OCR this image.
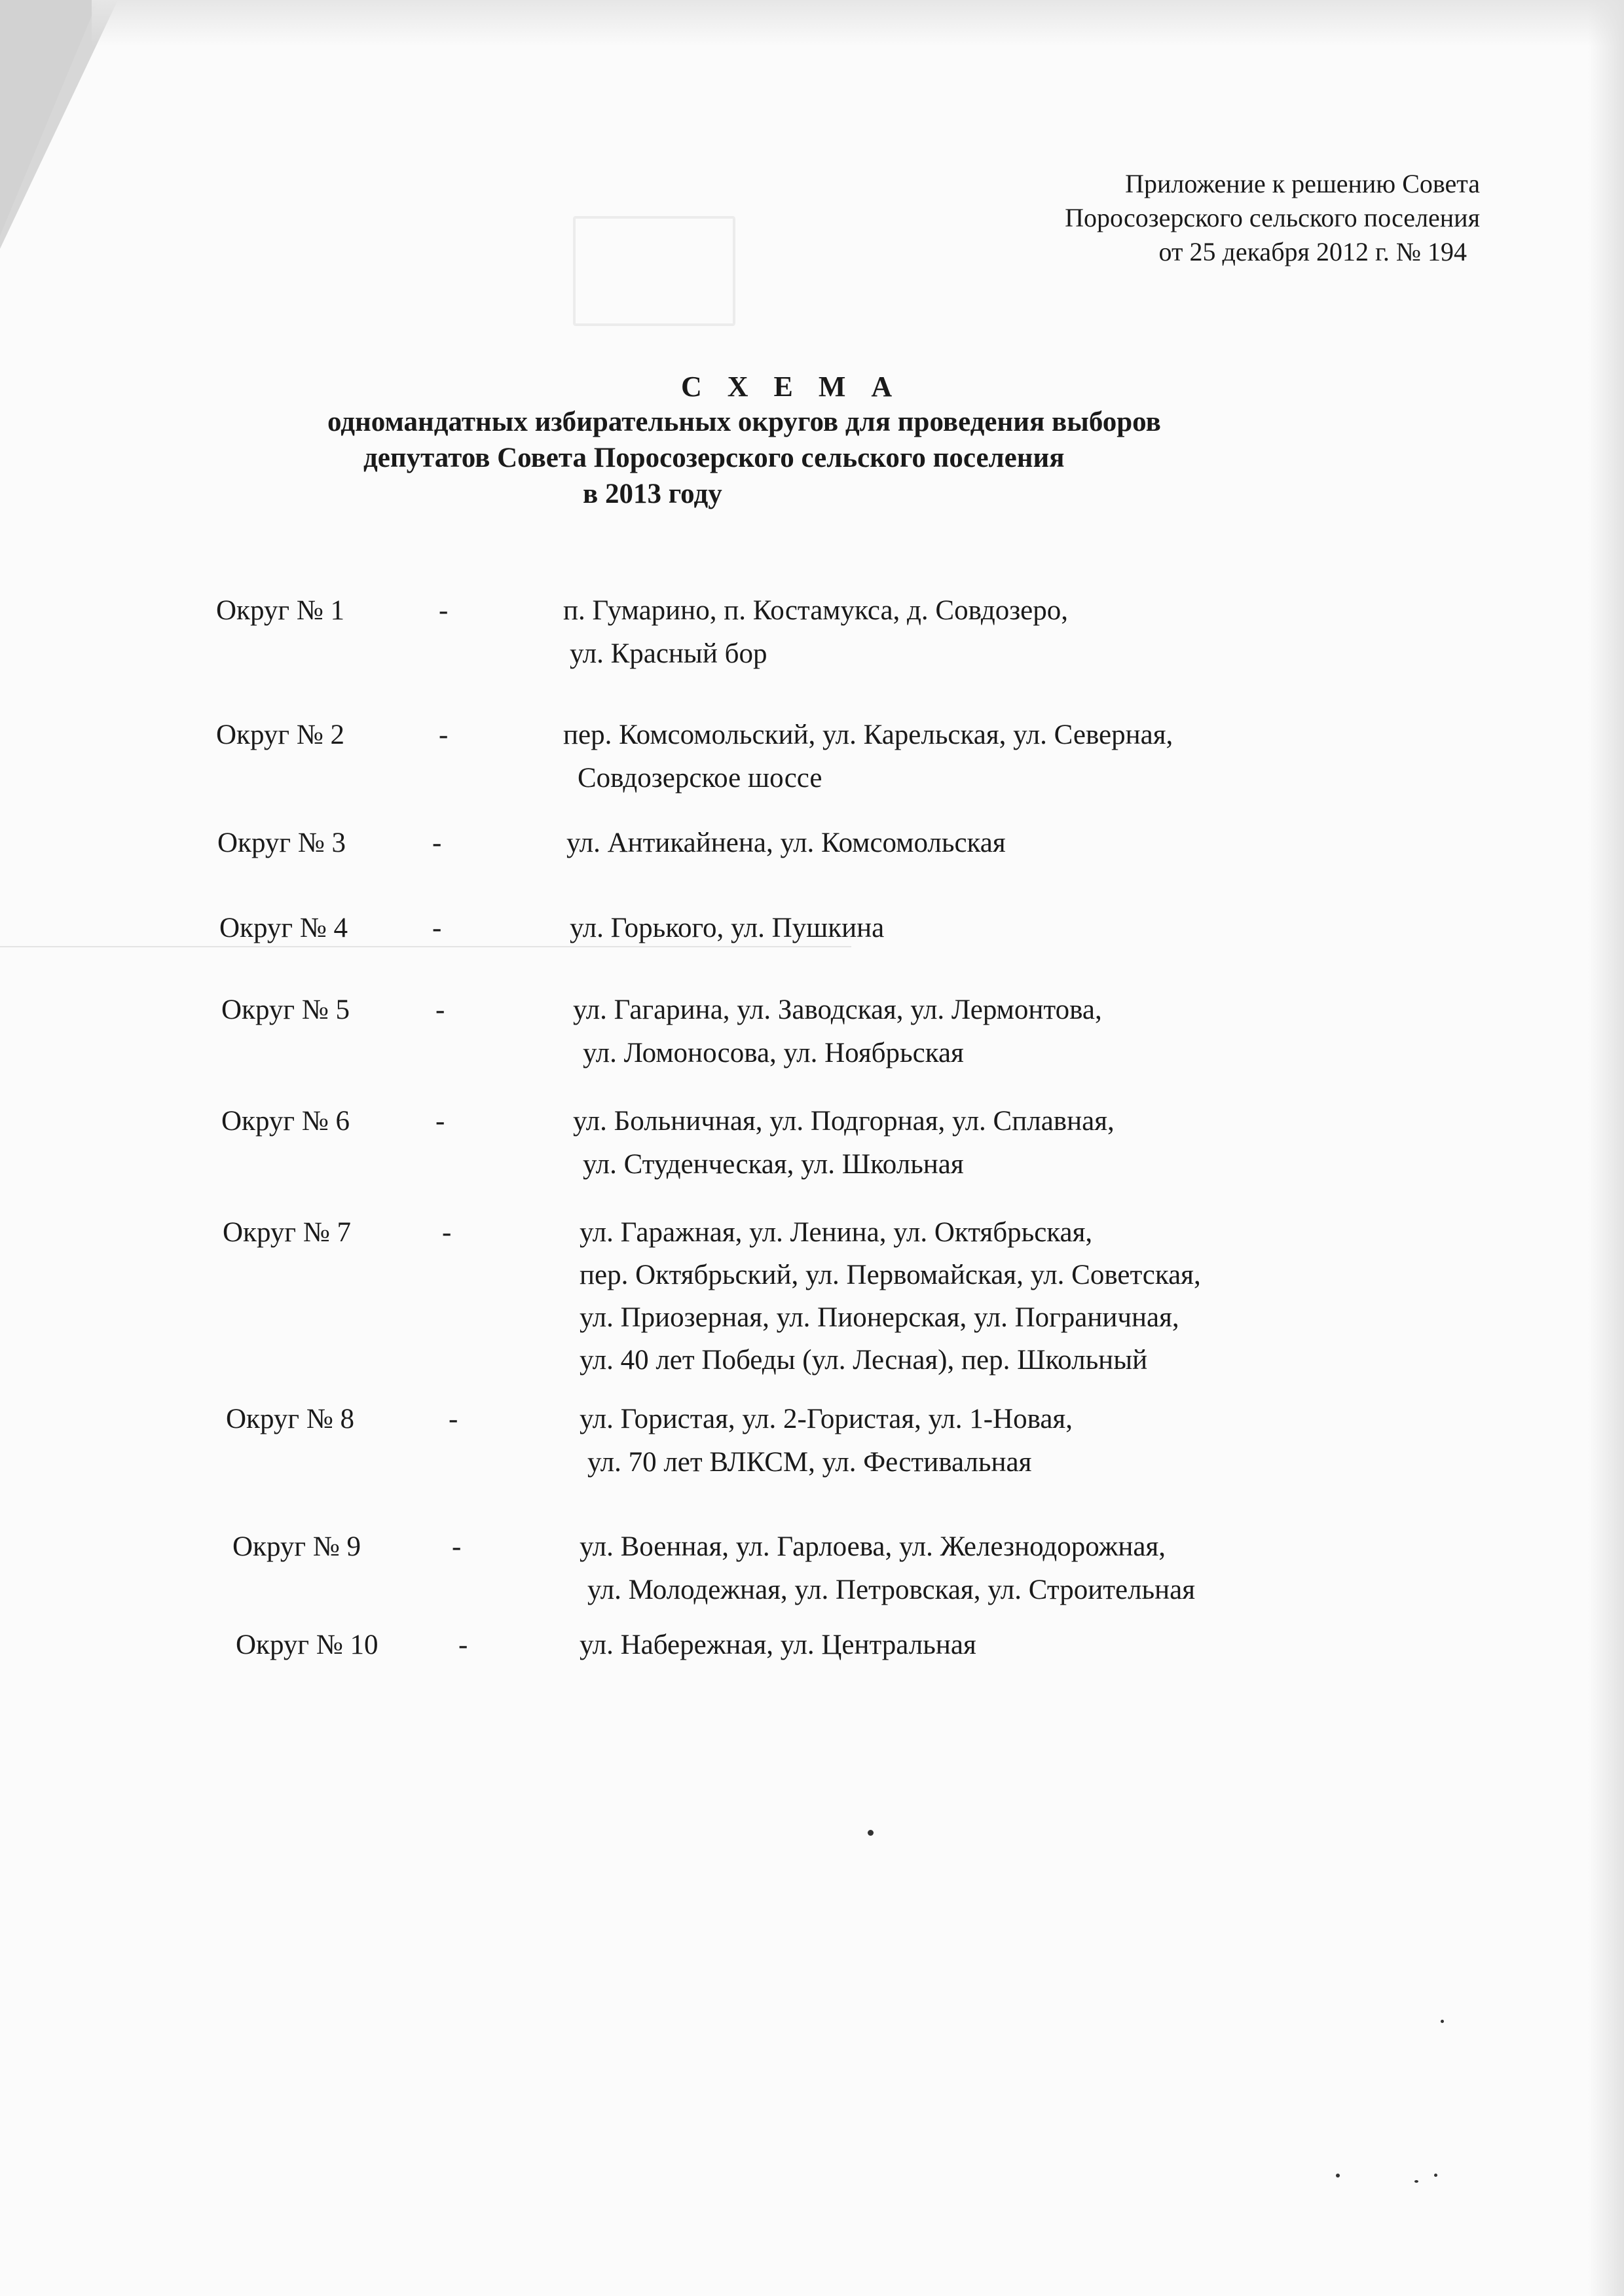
Приложение к решению Совета
Поросозерского сельского поселения
от 25 декабря 2012 г. № 194
С Х Е М А
одномандатных избирательных округов для проведения выборов
депутатов Совета Поросозерского сельского поселения
в 2013 году
Округ № 1	-	п. Гумарино, п. Костамукса, д. Совдозеро,
ул. Красный бор
Округ № 2	-	пер. Комсомольский, ул. Карельская, ул. Северная,
Совдозерское шоссе
Округ № 3	-	ул. Антикайнена, ул. Комсомольская
Округ № 4	-	ул. Горького, ул. Пушкина
Округ № 5	-	ул. Гагарина, ул. Заводская, ул. Лермонтова,
ул. Ломоносова, ул. Ноябрьская
Округ № 6	-	ул. Больничная, ул. Подгорная, ул. Сплавная,
ул. Студенческая, ул. Школьная
Округ № 7	-	ул. Гаражная, ул. Ленина, ул. Октябрьская,
пер. Октябрьский, ул. Первомайская, ул. Советская,
ул. Приозерная, ул. Пионерская, ул. Пограничная,
ул. 40 лет Победы (ул. Лесная), пер. Школьный
Округ № 8	-	ул. Гористая, ул. 2-Гористая, ул. 1-Новая,
ул. 70 лет ВЛКСМ, ул. Фестивальная
Округ № 9	-	ул. Военная, ул. Гарлоева, ул. Железнодорожная,
ул. Молодежная, ул. Петровская, ул. Строительная
Округ № 10	-	ул. Набережная, ул. Центральная
